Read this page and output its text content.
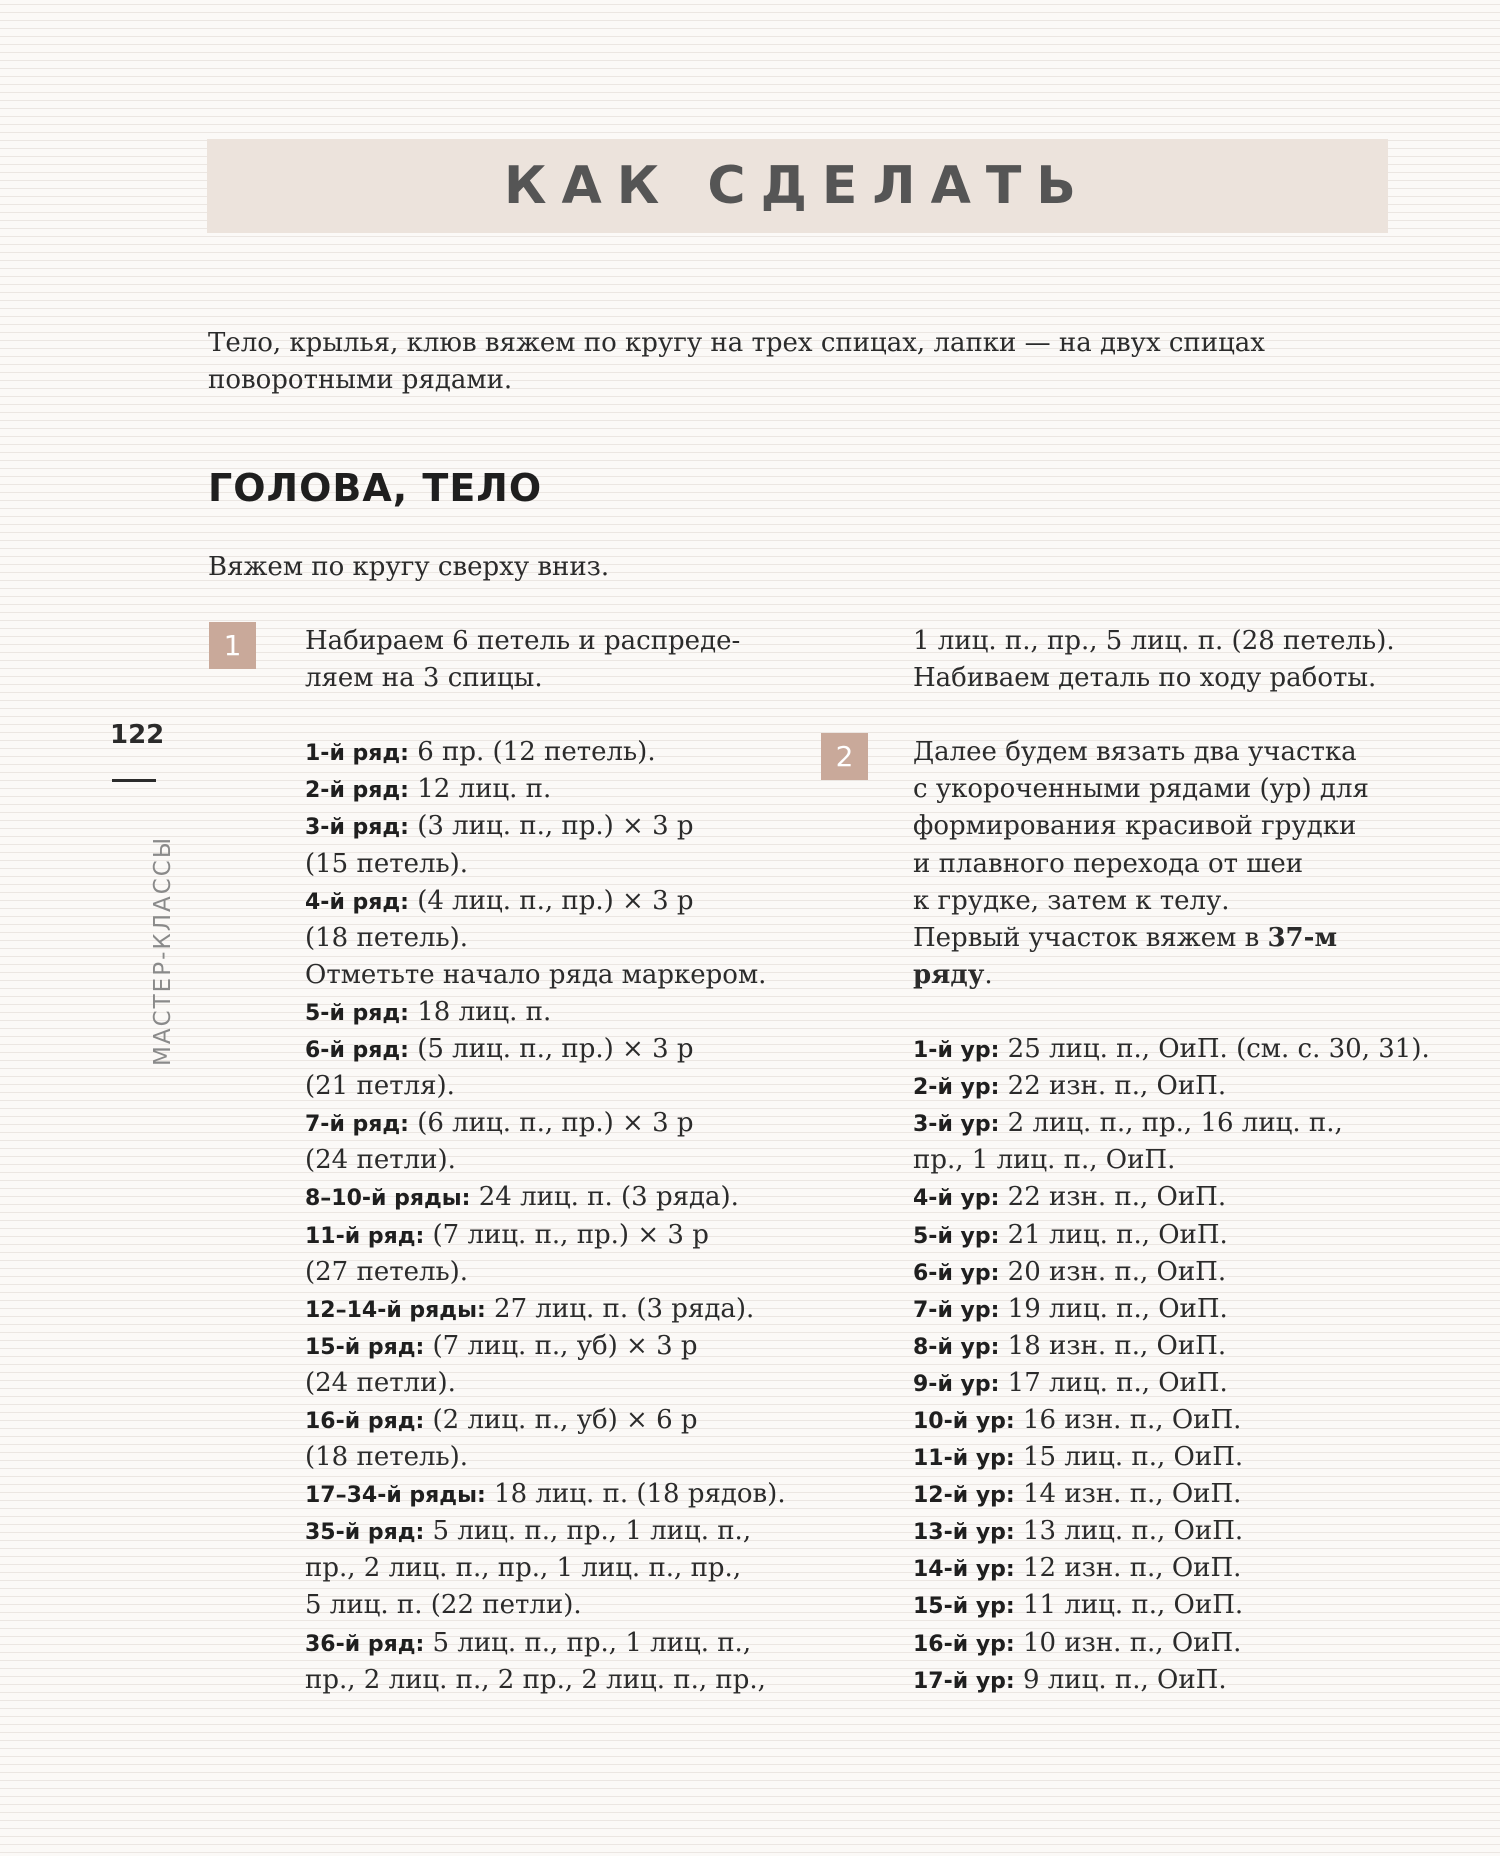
КАК СДЕЛАТЬ
Тело, крылья, клюв вяжем по кругу на трех спицах, лапки — на двух спицах поворотными рядами.
ГОЛОВА, ТЕЛО
Вяжем по кругу сверху вниз.
122
МАСТЕР-КЛАССЫ
1
2
Набираем 6 петель и распреде-
ляем на 3 спицы.
1-й ряд: 6 пр. (12 петель).
2-й ряд: 12 лиц. п.
3-й ряд: (3 лиц. п., пр.) × 3 р
(15 петель).
4-й ряд: (4 лиц. п., пр.) × 3 р
(18 петель).
Отметьте начало ряда маркером.
5-й ряд: 18 лиц. п.
6-й ряд: (5 лиц. п., пр.) × 3 р
(21 петля).
7-й ряд: (6 лиц. п., пр.) × 3 р
(24 петли).
8–10-й ряды: 24 лиц. п. (3 ряда).
11-й ряд: (7 лиц. п., пр.) × 3 р
(27 петель).
12–14-й ряды: 27 лиц. п. (3 ряда).
15-й ряд: (7 лиц. п., уб) × 3 р
(24 петли).
16-й ряд: (2 лиц. п., уб) × 6 р
(18 петель).
17–34-й ряды: 18 лиц. п. (18 рядов).
35-й ряд: 5 лиц. п., пр., 1 лиц. п.,
пр., 2 лиц. п., пр., 1 лиц. п., пр.,
5 лиц. п. (22 петли).
36-й ряд: 5 лиц. п., пр., 1 лиц. п.,
пр., 2 лиц. п., 2 пр., 2 лиц. п., пр.,
1 лиц. п., пр., 5 лиц. п. (28 петель).
Набиваем деталь по ходу работы.
Далее будем вязать два участка
с укороченными рядами (ур) для
формирования красивой грудки
и плавного перехода от шеи
к грудке, затем к телу.
Первый участок вяжем в 37-м
ряду.
1-й ур: 25 лиц. п., ОиП. (см. с. 30, 31).
2-й ур: 22 изн. п., ОиП.
3-й ур: 2 лиц. п., пр., 16 лиц. п.,
пр., 1 лиц. п., ОиП.
4-й ур: 22 изн. п., ОиП.
5-й ур: 21 лиц. п., ОиП.
6-й ур: 20 изн. п., ОиП.
7-й ур: 19 лиц. п., ОиП.
8-й ур: 18 изн. п., ОиП.
9-й ур: 17 лиц. п., ОиП.
10-й ур: 16 изн. п., ОиП.
11-й ур: 15 лиц. п., ОиП.
12-й ур: 14 изн. п., ОиП.
13-й ур: 13 лиц. п., ОиП.
14-й ур: 12 изн. п., ОиП.
15-й ур: 11 лиц. п., ОиП.
16-й ур: 10 изн. п., ОиП.
17-й ур: 9 лиц. п., ОиП.
